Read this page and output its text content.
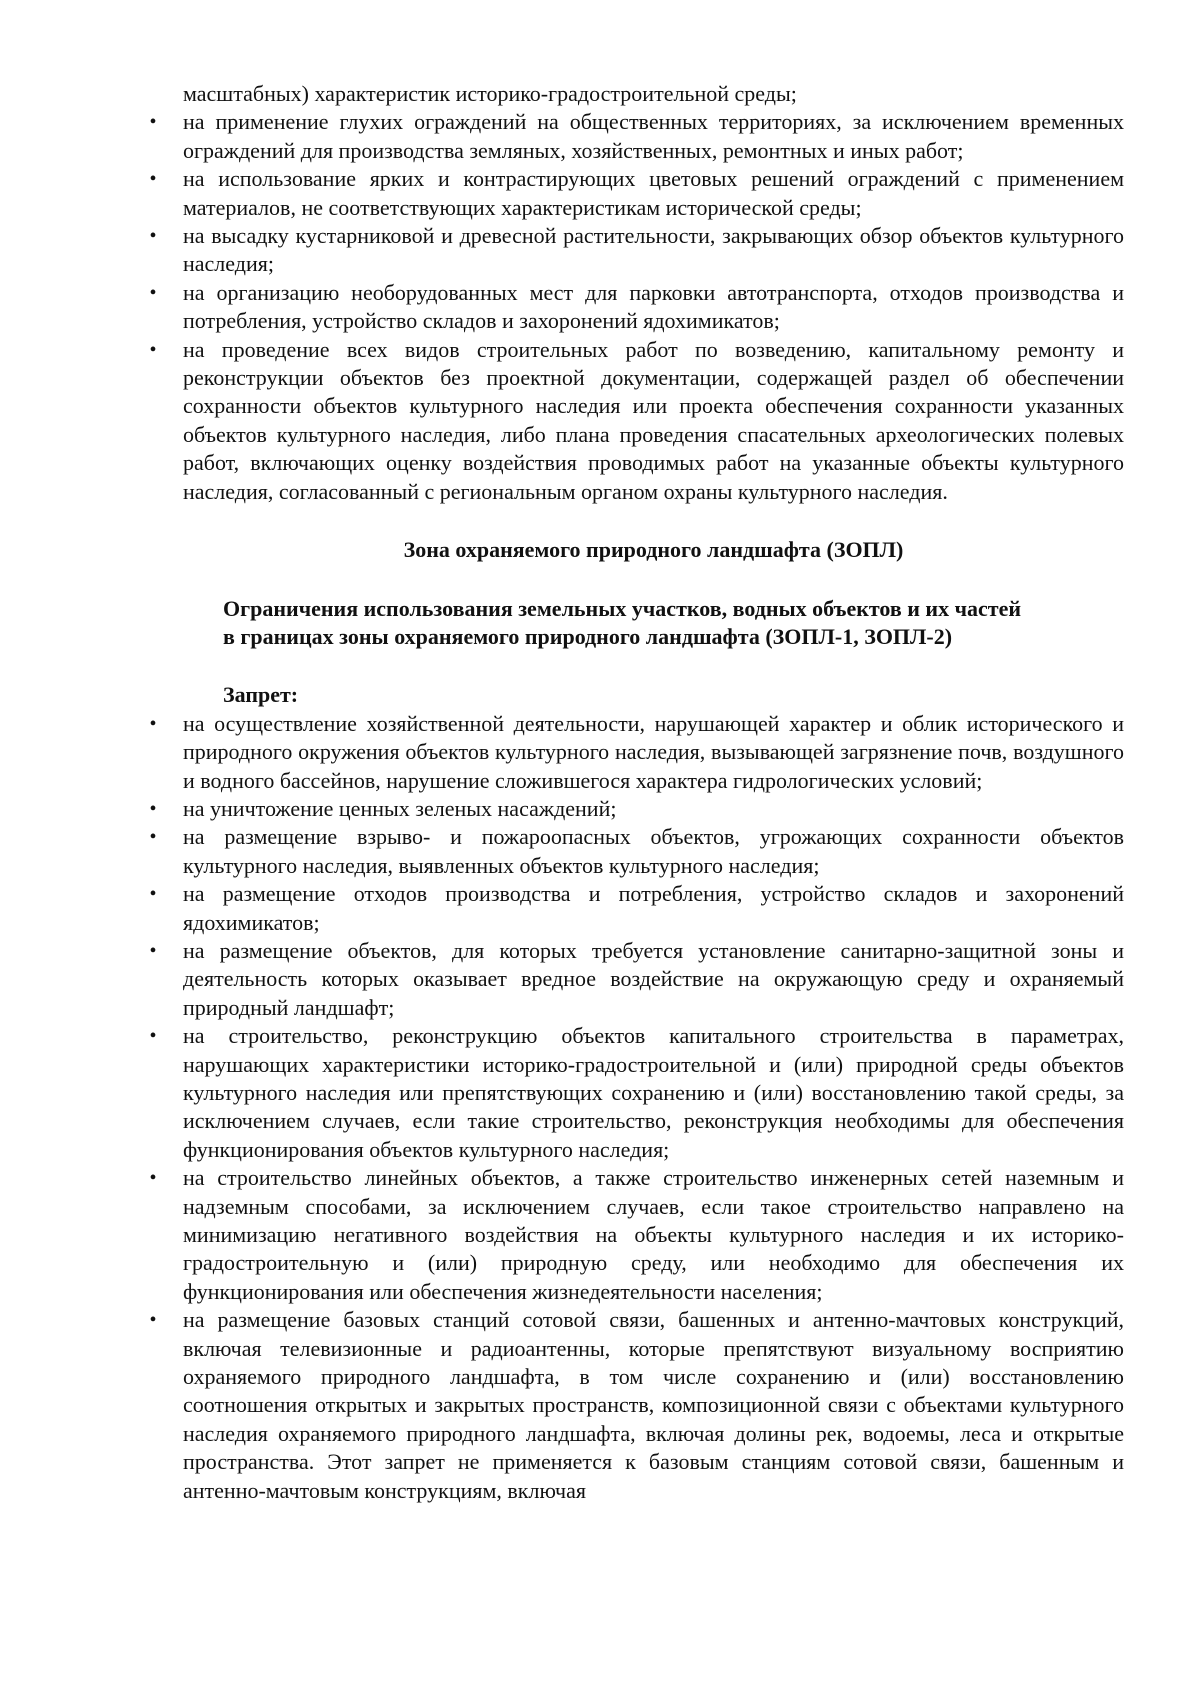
масштабных) характеристик историко-градостроительной среды;

• на применение глухих ограждений на общественных территориях, за исключением временных ограждений для производства земляных, хозяйственных, ремонтных и иных работ;
• на использование ярких и контрастирующих цветовых решений ограждений с применением материалов, не соответствующих характеристикам исторической среды;
• на высадку кустарниковой и древесной растительности, закрывающих обзор объектов культурного наследия;
• на организацию необорудованных мест для парковки автотранспорта, отходов производства и потребления, устройство складов и захоронений ядохимикатов;
• на проведение всех видов строительных работ по возведению, капитальному ремонту и реконструкции объектов без проектной документации, содержащей раздел об обеспечении сохранности объектов культурного наследия или проекта обеспечения сохранности указанных объектов культурного наследия, либо плана проведения спасательных археологических полевых работ, включающих оценку воздействия проводимых работ на указанные объекты культурного наследия, согласованный с региональным органом охраны культурного наследия.

Зона охраняемого природного ландшафта (ЗОПЛ)

Ограничения использования земельных участков, водных объектов и их частей
в границах зоны охраняемого природного ландшафта (ЗОПЛ-1, ЗОПЛ-2)

Запрет:

• на осуществление хозяйственной деятельности, нарушающей характер и облик исторического и природного окружения объектов культурного наследия, вызывающей загрязнение почв, воздушного и водного бассейнов, нарушение сложившегося характера гидрологических условий;
• на уничтожение ценных зеленых насаждений;
• на размещение взрыво- и пожароопасных объектов, угрожающих сохранности объектов культурного наследия, выявленных объектов культурного наследия;
• на размещение отходов производства и потребления, устройство складов и захоронений ядохимикатов;
• на размещение объектов, для которых требуется установление санитарно-защитной зоны и деятельность которых оказывает вредное воздействие на окружающую среду и охраняемый природный ландшафт;
• на строительство, реконструкцию объектов капитального строительства в параметрах, нарушающих характеристики историко-градостроительной и (или) природной среды объектов культурного наследия или препятствующих сохранению и (или) восстановлению такой среды, за исключением случаев, если такие строительство, реконструкция необходимы для обеспечения функционирования объектов культурного наследия;
• на строительство линейных объектов, а также строительство инженерных сетей наземным и надземным способами, за исключением случаев, если такое строительство направлено на минимизацию негативного воздействия на объекты культурного наследия и их историко-градостроительную и (или) природную среду, или необходимо для обеспечения их функционирования или обеспечения жизнедеятельности населения;
• на размещение базовых станций сотовой связи, башенных и антенно-мачтовых конструкций, включая телевизионные и радиоантенны, которые препятствуют визуальному восприятию охраняемого природного ландшафта, в том числе сохранению и (или) восстановлению соотношения открытых и закрытых пространств, композиционной связи с объектами культурного наследия охраняемого природного ландшафта, включая долины рек, водоемы, леса и открытые пространства. Этот запрет не применяется к базовым станциям сотовой связи, башенным и антенно-мачтовым конструкциям, включая
